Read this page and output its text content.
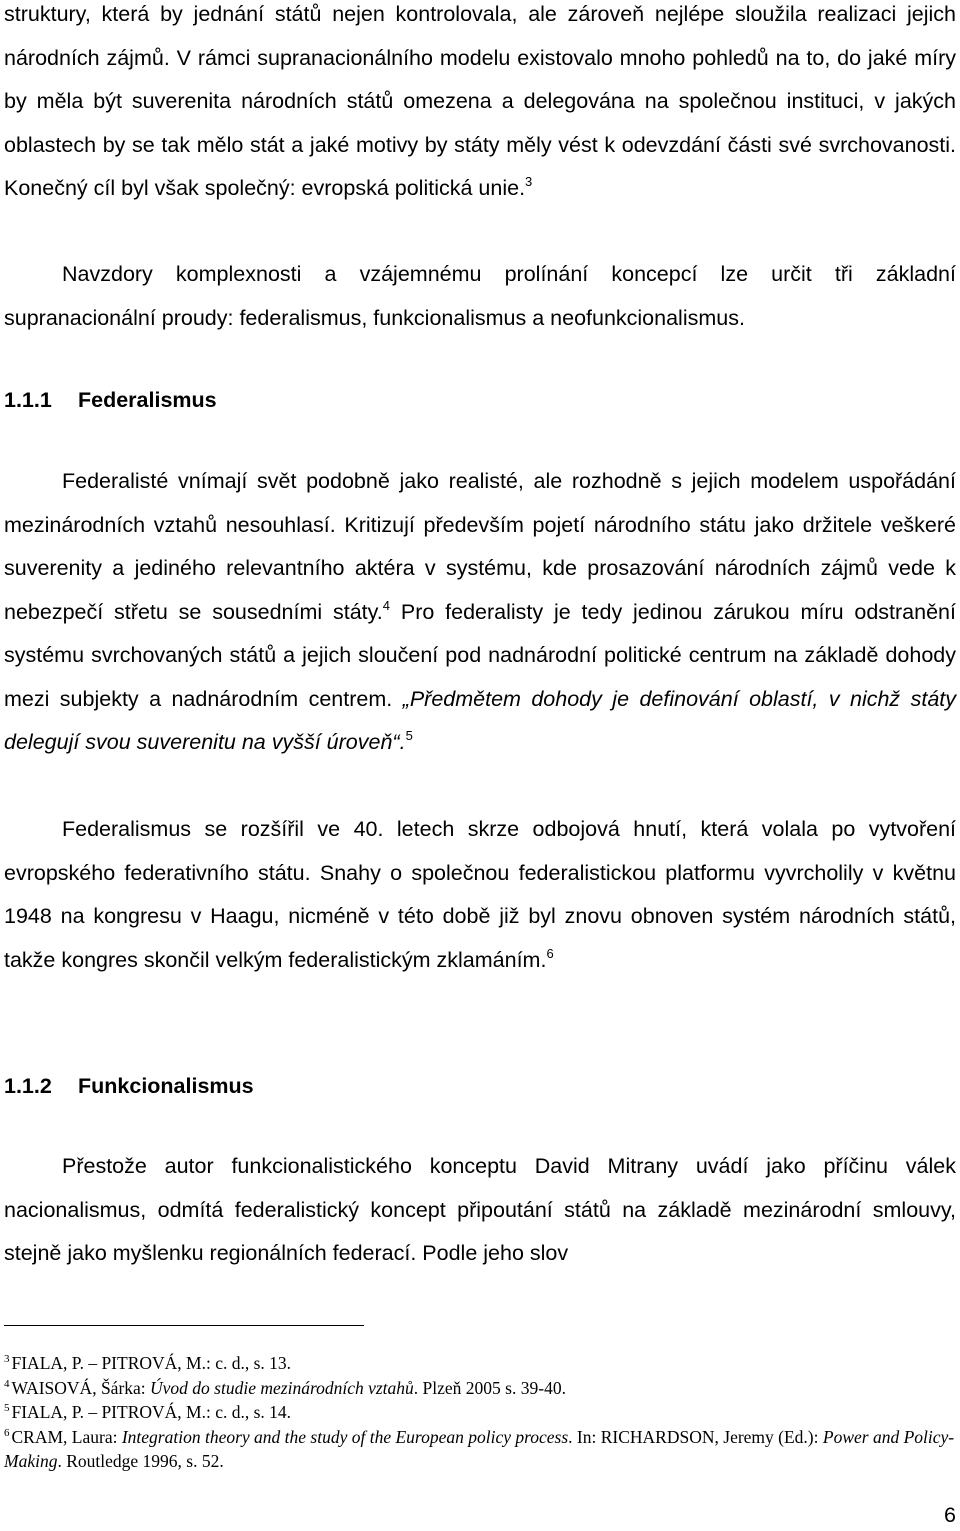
struktury, která by jednání států nejen kontrolovala, ale zároveň nejlépe sloužila realizaci jejich národních zájmů. V rámci supranacionálního modelu existovalo mnoho pohledů na to, do jaké míry by měla být suverenita národních států omezena a delegována na společnou instituci, v jakých oblastech by se tak mělo stát a jaké motivy by státy měly vést k odevzdání části své svrchovanosti. Konečný cíl byl však společný: evropská politická unie.$^3$

Navzdory komplexnosti a vzájemnému prolínání koncepcí lze určit tři základní supranacionální proudy: federalismus, funkcionalismus a neofunkcionalismus.

1.1.1 Federalismus

Federalisté vnímají svět podobně jako realisté, ale rozhodně s jejich modelem uspořádání mezinárodních vztahů nesouhlasí. Kritizují především pojetí národního státu jako držitele veškeré suverenity a jediného relevantního aktéra v systému, kde prosazování národních zájmů vede k nebezpečí střetu se sousedními státy.$^4$ Pro federalisty je tedy jedinou zárukou míru odstranění systému svrchovaných států a jejich sloučení pod nadnárodní politické centrum na základě dohody mezi subjekty a nadnárodním centrem. „Předmětem dohody je definování oblastí, v nichž státy delegují svou suverenitu na vyšší úroveň“.$^5$

Federalismus se rozšířil ve 40. letech skrze odbojová hnutí, která volala po vytvoření evropského federativního státu. Snahy o společnou federalistickou platformu vyvrcholily v květnu 1948 na kongresu v Haagu, nicméně v této době již byl znovu obnoven systém národních států, takže kongres skončil velkým federalistickým zklamáním.$^6$

1.1.2 Funkcionalismus

Přestože autor funkcionalistického konceptu David Mitrany uvádí jako příčinu válek nacionalismus, odmítá federalistický koncept připoutání států na základě mezinárodní smlouvy, stejně jako myšlenku regionálních federací. Podle jeho slov

$^3$ FIALA, P. – PITROVÁ, M.: c. d., s. 13.

$^4$ WAISOVÁ, Šárka: Úvod do studie mezinárodních vztahů. Plzeň 2005 s. 39-40.

$^5$ FIALA, P. – PITROVÁ, M.: c. d., s. 14.

$^6$ CRAM, Laura: Integration theory and the study of the European policy process. In: RICHARDSON, Jeremy (Ed.): Power and Policy-Making. Routledge 1996, s. 52.

6
